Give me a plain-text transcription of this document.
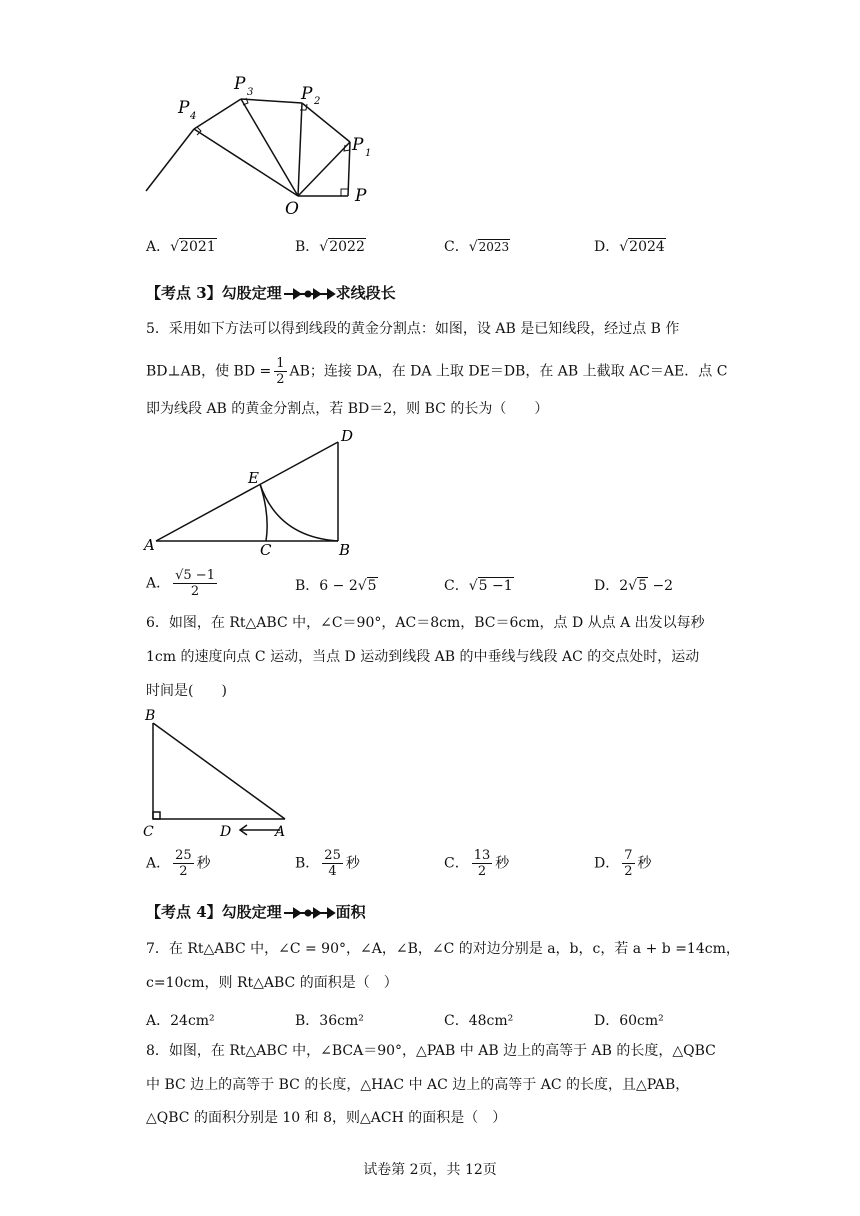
P 4
P 3	P 2
P 1
P
O
A．√2021	B．√2022	C．√2023	D．√2024
【考点 3】勾股定理	求线段长
5．采用如下方法可以得到线段的黄金分割点：如图，设 AB 是已知线段，经过点 B 作
BD⊥AB，使 BD = $\frac{1}{2}$ AB；连接 DA，在 DA 上取 DE＝DB，在 AB 上截取 AC＝AE．点 C
即为线段 AB 的黄金分割点，若 BD＝2，则 BC 的长为（　　）
A	B
C
D
E
A． $\frac{√5 -1}{2}$	B．6 − 2√5	C．√5 −1	D．2√5 −2
6．如图，在 Rt△ABC 中，∠C＝90°，AC＝8cm，BC＝6cm，点 D 从点 A 出发以每秒
1cm 的速度向点 C 运动，当点 D 运动到线段 AB 的中垂线与线段 AC 的交点处时，运动
时间是(　　)
B
C	D	A
A． $\frac{25}{2}$ 秒	B． $\frac{25}{4}$ 秒	C． $\frac{13}{2}$ 秒	D． $\frac{7}{2}$ 秒
【考点 4】勾股定理	面积
7．在 Rt△ABC 中，∠C = 90°，∠A，∠B，∠C 的对边分别是 a，b，c，若 a + b =14cm，
c=10cm，则 Rt△ABC 的面积是（　）
A．24cm²	B．36cm²	C．48cm²	D．60cm²
8．如图，在 Rt△ABC 中，∠BCA＝90°，△PAB 中 AB 边上的高等于 AB 的长度，△QBC
中 BC 边上的高等于 BC 的长度，△HAC 中 AC 边上的高等于 AC 的长度，且△PAB，
△QBC 的面积分别是 10 和 8，则△ACH 的面积是（　）
试卷第 2页，共 12页
